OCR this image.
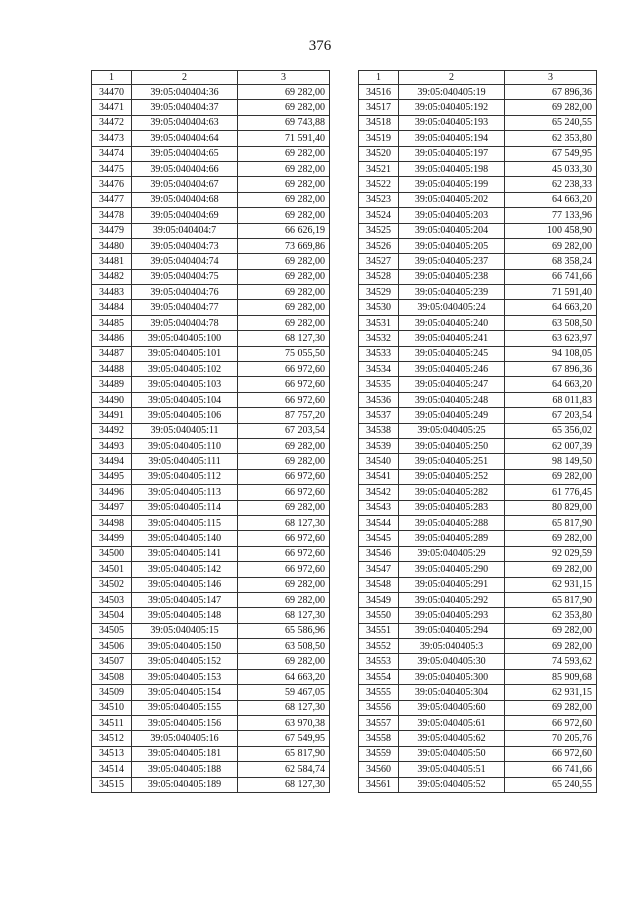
376
1	2	3
34470	39:05:040404:36	69 282,00
34471	39:05:040404:37	69 282,00
34472	39:05:040404:63	69 743,88
34473	39:05:040404:64	71 591,40
34474	39:05:040404:65	69 282,00
34475	39:05:040404:66	69 282,00
34476	39:05:040404:67	69 282,00
34477	39:05:040404:68	69 282,00
34478	39:05:040404:69	69 282,00
34479	39:05:040404:7	66 626,19
34480	39:05:040404:73	73 669,86
34481	39:05:040404:74	69 282,00
34482	39:05:040404:75	69 282,00
34483	39:05:040404:76	69 282,00
34484	39:05:040404:77	69 282,00
34485	39:05:040404:78	69 282,00
34486	39:05:040405:100	68 127,30
34487	39:05:040405:101	75 055,50
34488	39:05:040405:102	66 972,60
34489	39:05:040405:103	66 972,60
34490	39:05:040405:104	66 972,60
34491	39:05:040405:106	87 757,20
34492	39:05:040405:11	67 203,54
34493	39:05:040405:110	69 282,00
34494	39:05:040405:111	69 282,00
34495	39:05:040405:112	66 972,60
34496	39:05:040405:113	66 972,60
34497	39:05:040405:114	69 282,00
34498	39:05:040405:115	68 127,30
34499	39:05:040405:140	66 972,60
34500	39:05:040405:141	66 972,60
34501	39:05:040405:142	66 972,60
34502	39:05:040405:146	69 282,00
34503	39:05:040405:147	69 282,00
34504	39:05:040405:148	68 127,30
34505	39:05:040405:15	65 586,96
34506	39:05:040405:150	63 508,50
34507	39:05:040405:152	69 282,00
34508	39:05:040405:153	64 663,20
34509	39:05:040405:154	59 467,05
34510	39:05:040405:155	68 127,30
34511	39:05:040405:156	63 970,38
34512	39:05:040405:16	67 549,95
34513	39:05:040405:181	65 817,90
34514	39:05:040405:188	62 584,74
34515	39:05:040405:189	68 127,30
1	2	3
34516	39:05:040405:19	67 896,36
34517	39:05:040405:192	69 282,00
34518	39:05:040405:193	65 240,55
34519	39:05:040405:194	62 353,80
34520	39:05:040405:197	67 549,95
34521	39:05:040405:198	45 033,30
34522	39:05:040405:199	62 238,33
34523	39:05:040405:202	64 663,20
34524	39:05:040405:203	77 133,96
34525	39:05:040405:204	100 458,90
34526	39:05:040405:205	69 282,00
34527	39:05:040405:237	68 358,24
34528	39:05:040405:238	66 741,66
34529	39:05:040405:239	71 591,40
34530	39:05:040405:24	64 663,20
34531	39:05:040405:240	63 508,50
34532	39:05:040405:241	63 623,97
34533	39:05:040405:245	94 108,05
34534	39:05:040405:246	67 896,36
34535	39:05:040405:247	64 663,20
34536	39:05:040405:248	68 011,83
34537	39:05:040405:249	67 203,54
34538	39:05:040405:25	65 356,02
34539	39:05:040405:250	62 007,39
34540	39:05:040405:251	98 149,50
34541	39:05:040405:252	69 282,00
34542	39:05:040405:282	61 776,45
34543	39:05:040405:283	80 829,00
34544	39:05:040405:288	65 817,90
34545	39:05:040405:289	69 282,00
34546	39:05:040405:29	92 029,59
34547	39:05:040405:290	69 282,00
34548	39:05:040405:291	62 931,15
34549	39:05:040405:292	65 817,90
34550	39:05:040405:293	62 353,80
34551	39:05:040405:294	69 282,00
34552	39:05:040405:3	69 282,00
34553	39:05:040405:30	74 593,62
34554	39:05:040405:300	85 909,68
34555	39:05:040405:304	62 931,15
34556	39:05:040405:60	69 282,00
34557	39:05:040405:61	66 972,60
34558	39:05:040405:62	70 205,76
34559	39:05:040405:50	66 972,60
34560	39:05:040405:51	66 741,66
34561	39:05:040405:52	65 240,55
